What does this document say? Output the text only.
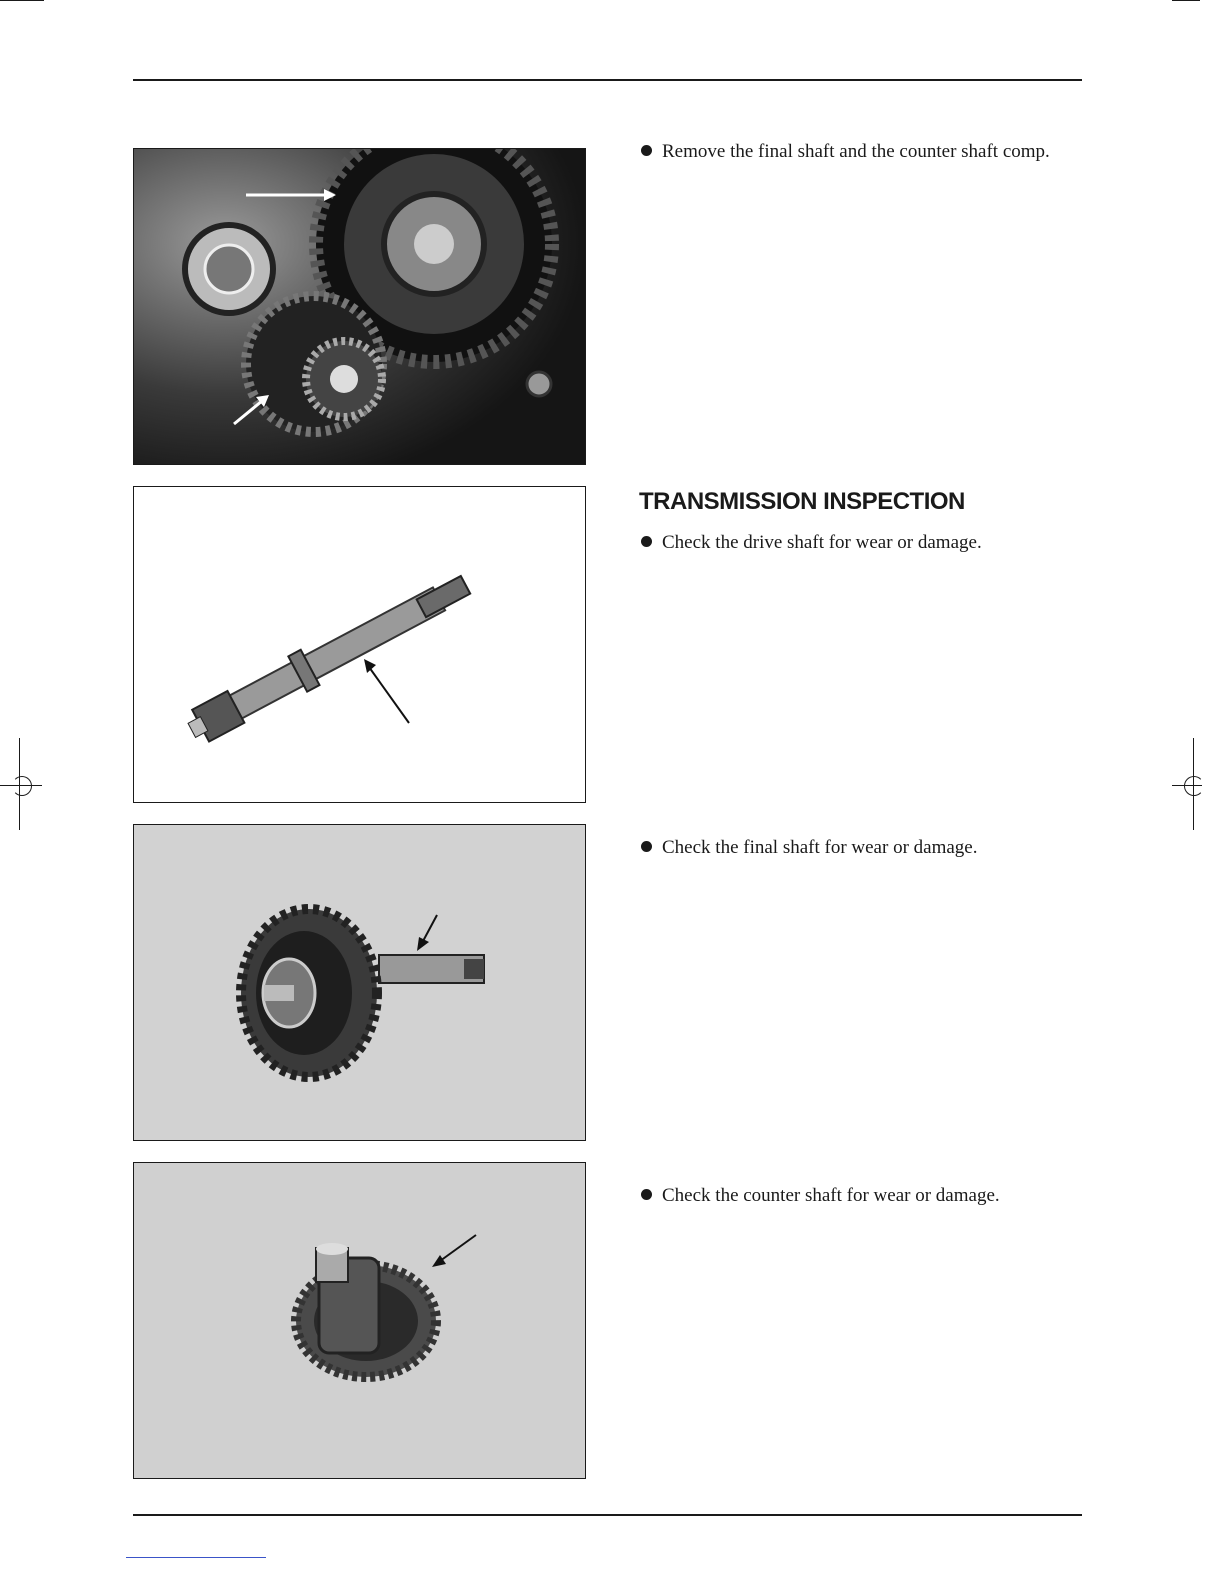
Remove the final shaft and the counter shaft comp.
TRANSMISSION INSPECTION
Check the drive shaft for wear or damage.
Check the final shaft for wear or damage.
Check the counter shaft for wear or damage.
